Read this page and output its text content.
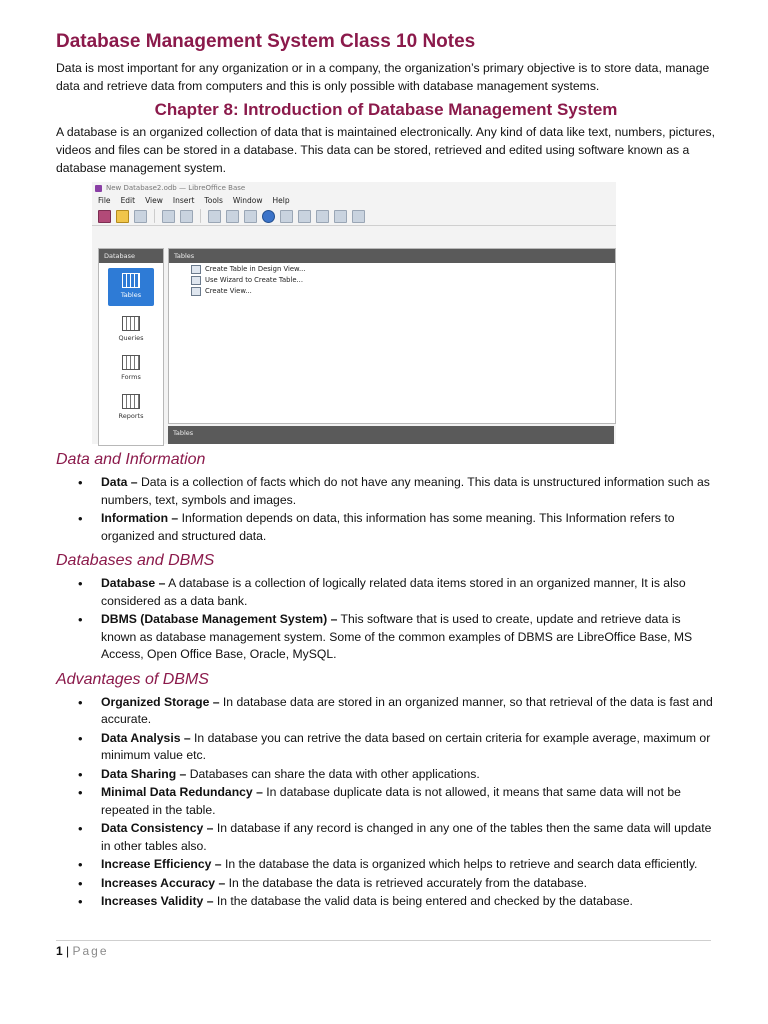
Database Management System Class 10 Notes

Data is most important for any organization or in a company, the organization’s primary objective is to store data, manage data and retrieve data from computers and this is only possible with database management systems.

Chapter 8: Introduction of Database Management System

A database is an organized collection of data that is maintained electronically. Any kind of data like text, numbers, pictures, videos and files can be stored in a database. This data can be stored, retrieved and edited using software known as a database management system.

New Database2.odb — LibreOffice Base
File Edit View Insert Tools Window Help
Database
Tables
Queries
Forms
Reports
Tables
Create Table in Design View...
Use Wizard to Create Table...
Create View...
Tables
Data and Information
• Data – Data is a collection of facts which do not have any meaning. This data is unstructured information such as numbers, text, symbols and images.
• Information – Information depends on data, this information has some meaning. This Information refers to organized and structured data.
Databases and DBMS
• Database – A database is a collection of logically related data items stored in an organized manner, It is also considered as a data bank.
• DBMS (Database Management System) – This software that is used to create, update and retrieve data is known as database management system. Some of the common examples of DBMS are LibreOffice Base, MS Access, Open Office Base, Oracle, MySQL.
Advantages of DBMS
• Organized Storage – In database data are stored in an organized manner, so that retrieval of the data is fast and accurate.
• Data Analysis – In database you can retrive the data based on certain criteria for example average, maximum or minimum value etc.
• Data Sharing – Databases can share the data with other applications.
• Minimal Data Redundancy – In database duplicate data is not allowed, it means that same data will not be repeated in the table.
• Data Consistency – In database if any record is changed in any one of the tables then the same data will update in other tables also.
• Increase Efficiency – In the database the data is organized which helps to retrieve and search data efficiently.
• Increases Accuracy – In the database the data is retrieved accurately from the database.
• Increases Validity – In the database the valid data is being entered and checked by the database.
1 | Page
